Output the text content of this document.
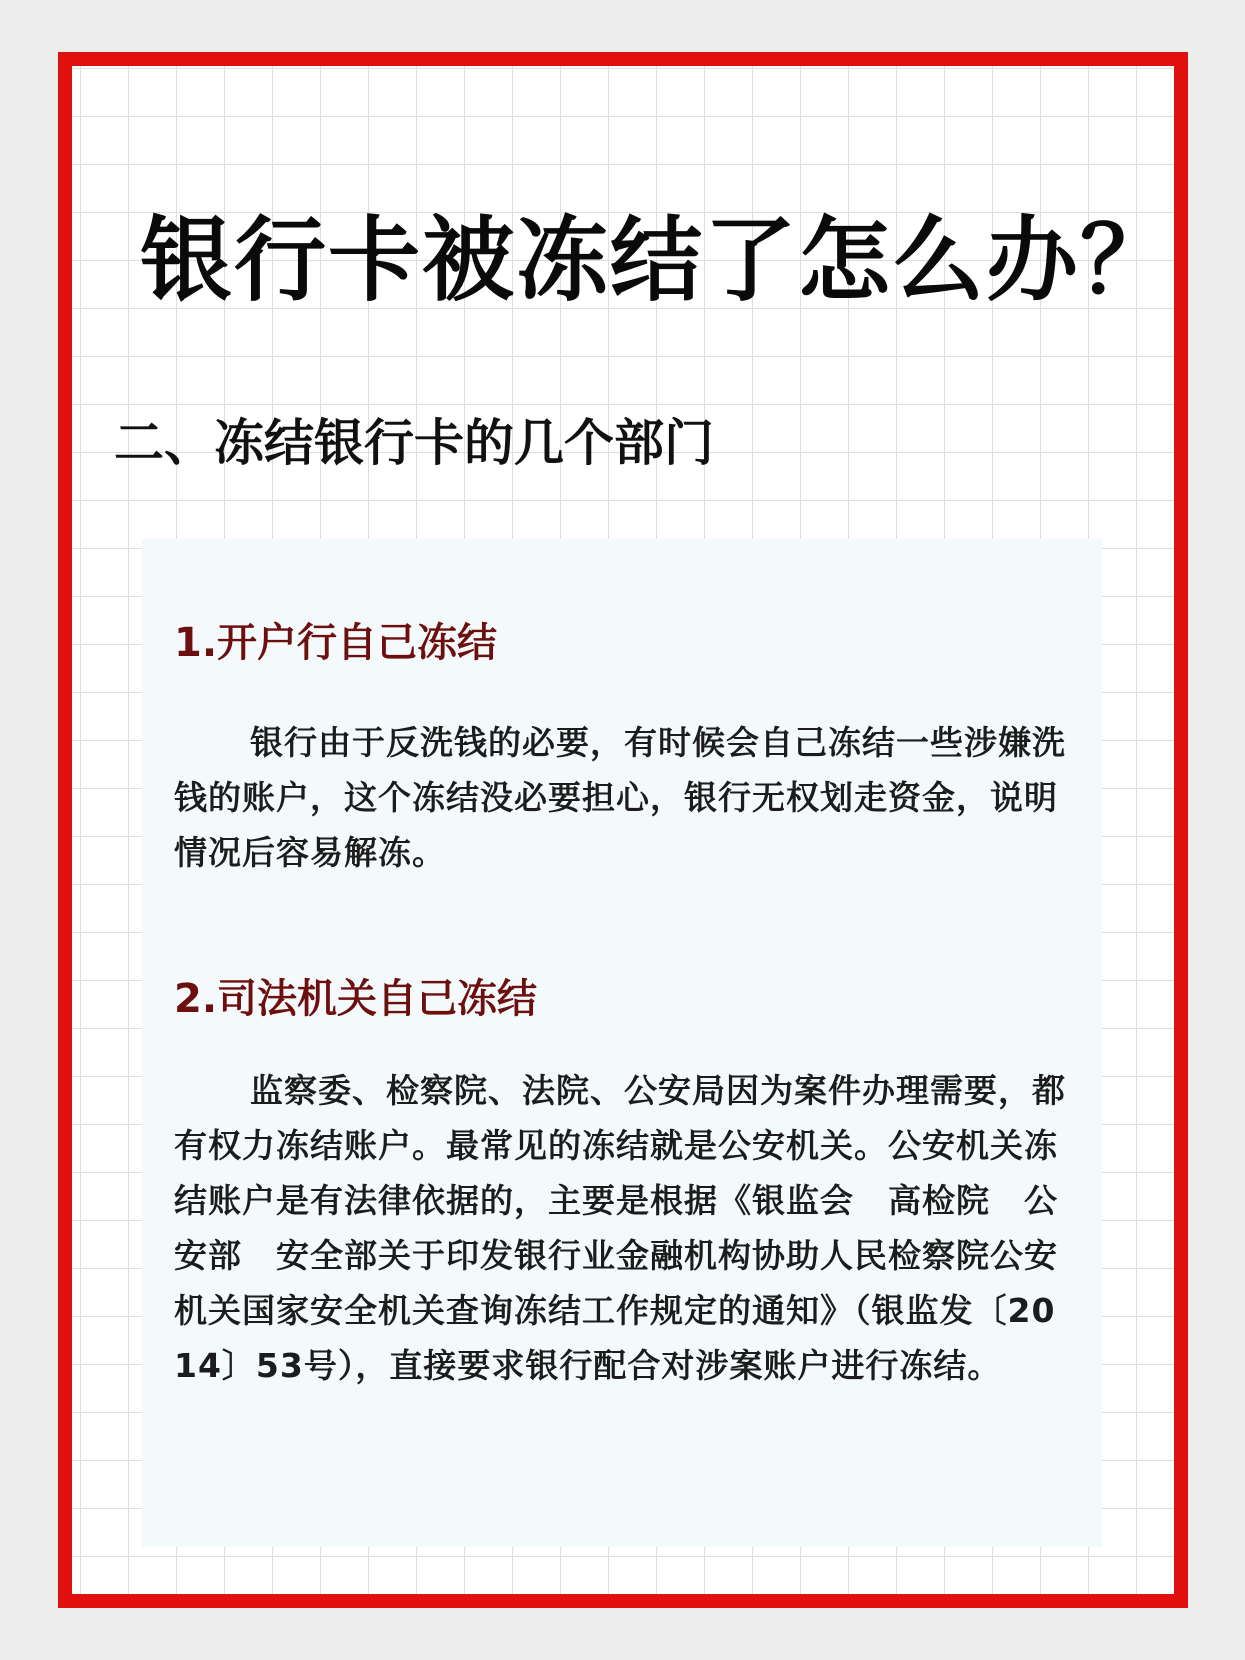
银行卡被冻结了怎么办？
二、冻结银行卡的几个部门
1.开户行自己冻结

银行由于反洗钱的必要，有时候会自己冻结一些涉嫌洗钱的账户，这个冻结没必要担心，银行无权划走资金，说明情况后容易解冻。

2.司法机关自己冻结

监察委、检察院、法院、公安局因为案件办理需要，都有权力冻结账户。最常见的冻结就是公安机关。公安机关冻结账户是有法律依据的，主要是根据《银监会　高检院　公安部　安全部关于印发银行业金融机构协助人民检察院公安机关国家安全机关查询冻结工作规定的通知》（银监发〔2014〕53号），直接要求银行配合对涉案账户进行冻结。
